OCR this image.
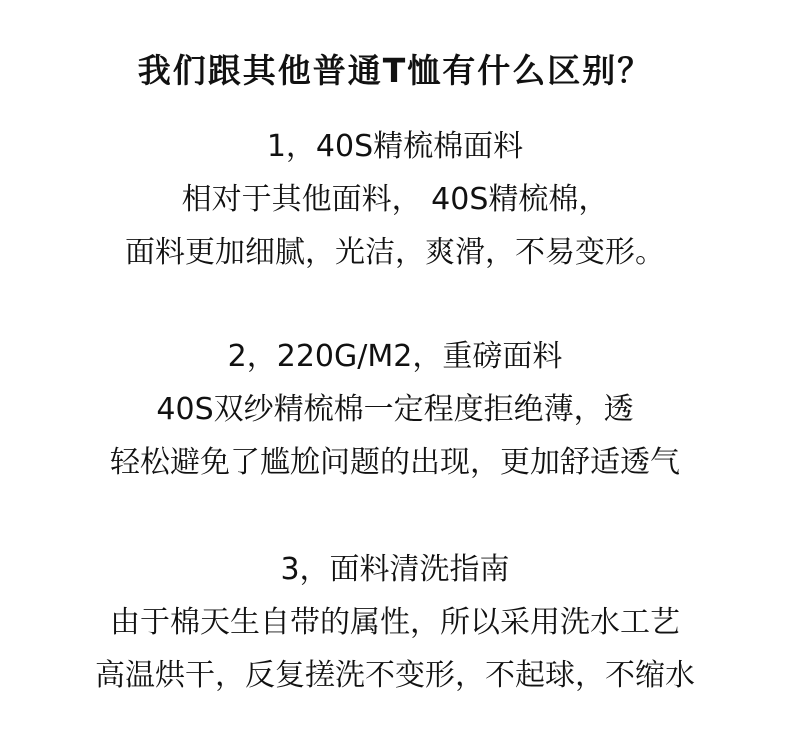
我们跟其他普通T恤有什么区别？

1，40S精梳棉面料

相对于其他面料， 40S精梳棉，

面料更加细腻，光洁，爽滑，不易变形。

2，220G/M2，重磅面料

40S双纱精梳棉一定程度拒绝薄，透

轻松避免了尴尬问题的出现，更加舒适透气

3，面料清洗指南

由于棉天生自带的属性，所以采用洗水工艺

高温烘干，反复搓洗不变形，不起球，不缩水
